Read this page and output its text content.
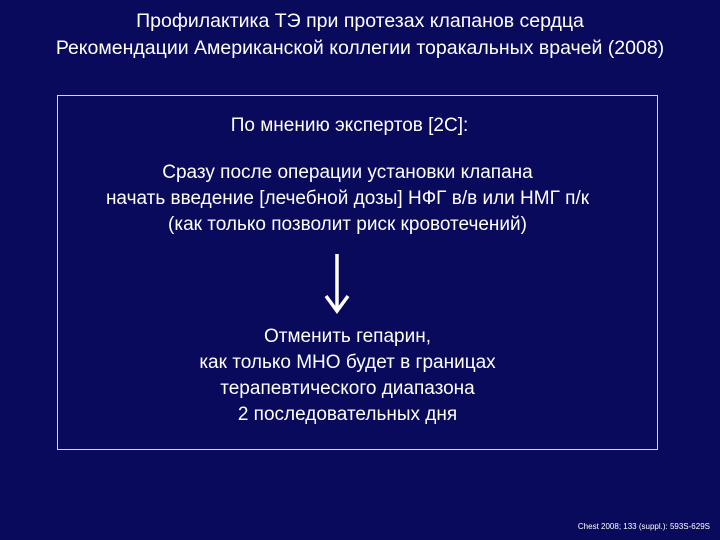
Профилактика ТЭ при протезах клапанов сердца
Рекомендации Американской коллегии торакальных врачей (2008)
По мнению экспертов [2С]:
Сразу после операции установки клапана
начать введение [лечебной дозы] НФГ в/в или НМГ п/к
(как только позволит риск кровотечений)
Отменить гепарин,
как только МНО будет в границах
терапевтического диапазона
2 последовательных дня
Chest 2008; 133 (suppl.): 593S-629S
